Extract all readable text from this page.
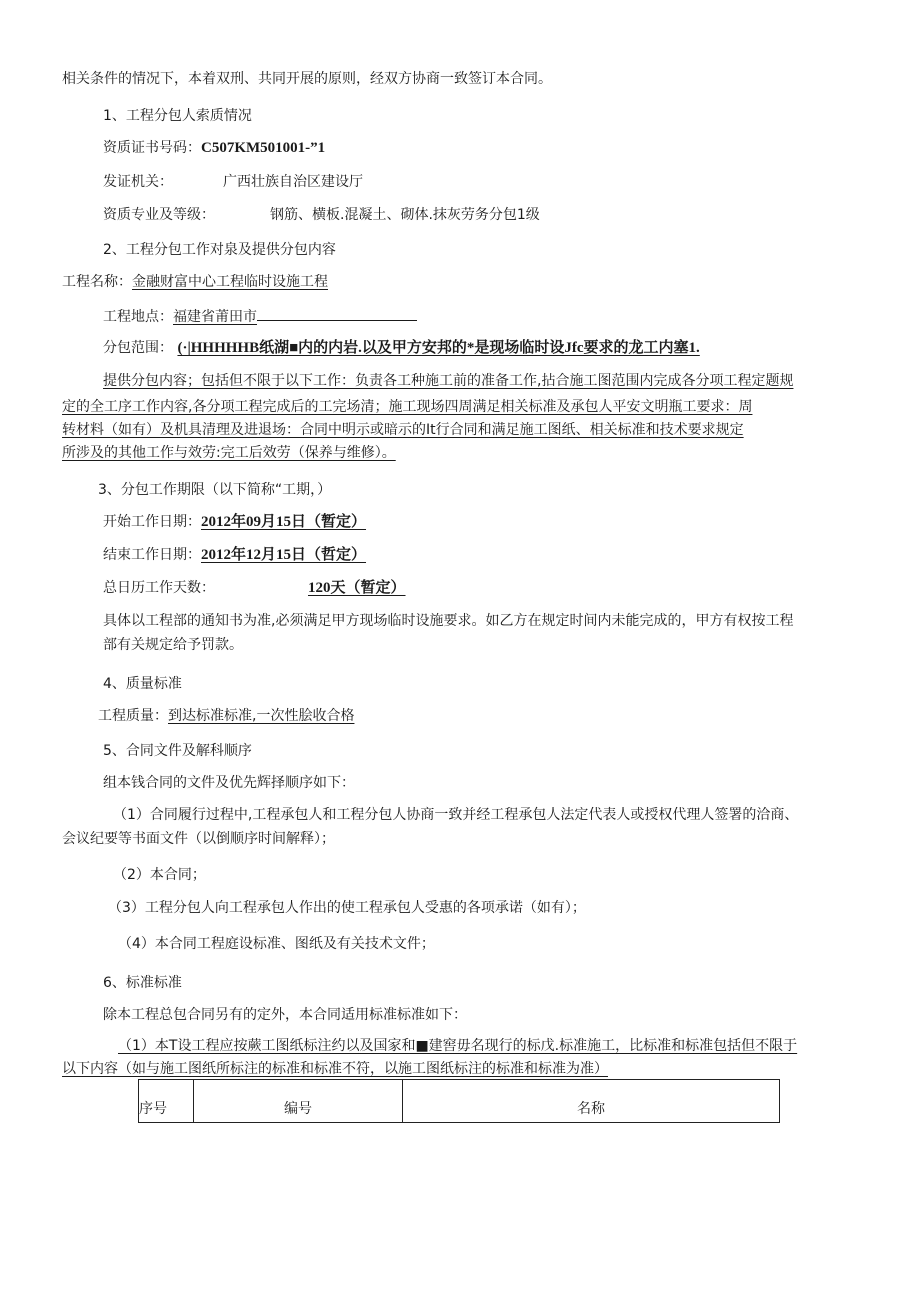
相关条件的情况下，本着双刑、共同开展的原则，经双方协商一致签订本合同。
1、工程分包人索质情况
资质证书号码：C507KM501001-”1
发证机关：	广西壮族自治区建设厅
资质专业及等级：	钢筋、横板.混凝土、砌体.抹灰劳务分包1级
2、工程分包工作对泉及提供分包内容
工程名称：金融财富中心工程临时设施工程
工程地点：福建省莆田市
分包范围： (·|HHHHHB纸湖■内的内岩.以及甲方安邦的*是现场临时设Jfc要求的龙工内塞1.
提供分包内容；包括但不限于以下工作：负责各工种施工前的准备工作,拈合施工图范围内完成各分项工程定题规
定的全工序工作内容,各分项工程完成后的工完场清；施工现场四周满足相关标准及承包人平安文明瓶工要求：周
转材料（如有）及机具清理及进退场：合同中明示或暗示的It行合同和满足施工图纸、相关标准和技术要求规定
所涉及的其他工作与效劳:完工后效劳（保养与维修）。
3、分包工作期限（以下简称“工期，）
开始工作日期：2012年09月15日（暂定）
结束工作日期：2012年12月15日（哲定）
总日历工作天数：	120天（暂定）
具体以工程部的通知书为准,必须满足甲方现场临时设施要求。如乙方在规定时间内未能完成的，甲方有权按工程
部有关规定给予罚款。
4、质量标准
工程质量：到达标准标准,一次性脍收合格
5、合同文件及解科顺序
组本钱合同的文件及优先辉择顺序如下：
（1）合同履行过程中,工程承包人和工程分包人协商一致并经工程承包人法定代表人或授权代理人签署的洽商、
会议纪要等书面文件（以倒顺序时间解释）；
（2）本合同；
（3）工程分包人向工程承包人作出的使工程承包人受惠的各项承诺（如有）；
（4）本合同工程庭设标准、图纸及有关技术文件；
6、标准标准
除本工程总包合同另有的定外，本合同适用标准标准如下：
（1）本T设工程应按蕨工图纸标注约以及国家和■建窖毋名现行的标戊.标准施工，比标准和标准包括但不限于
以下内容（如与施工图纸所标注的标准和标准不符，以施工图纸标注的标准和标准为准）
序号	编号	名称
